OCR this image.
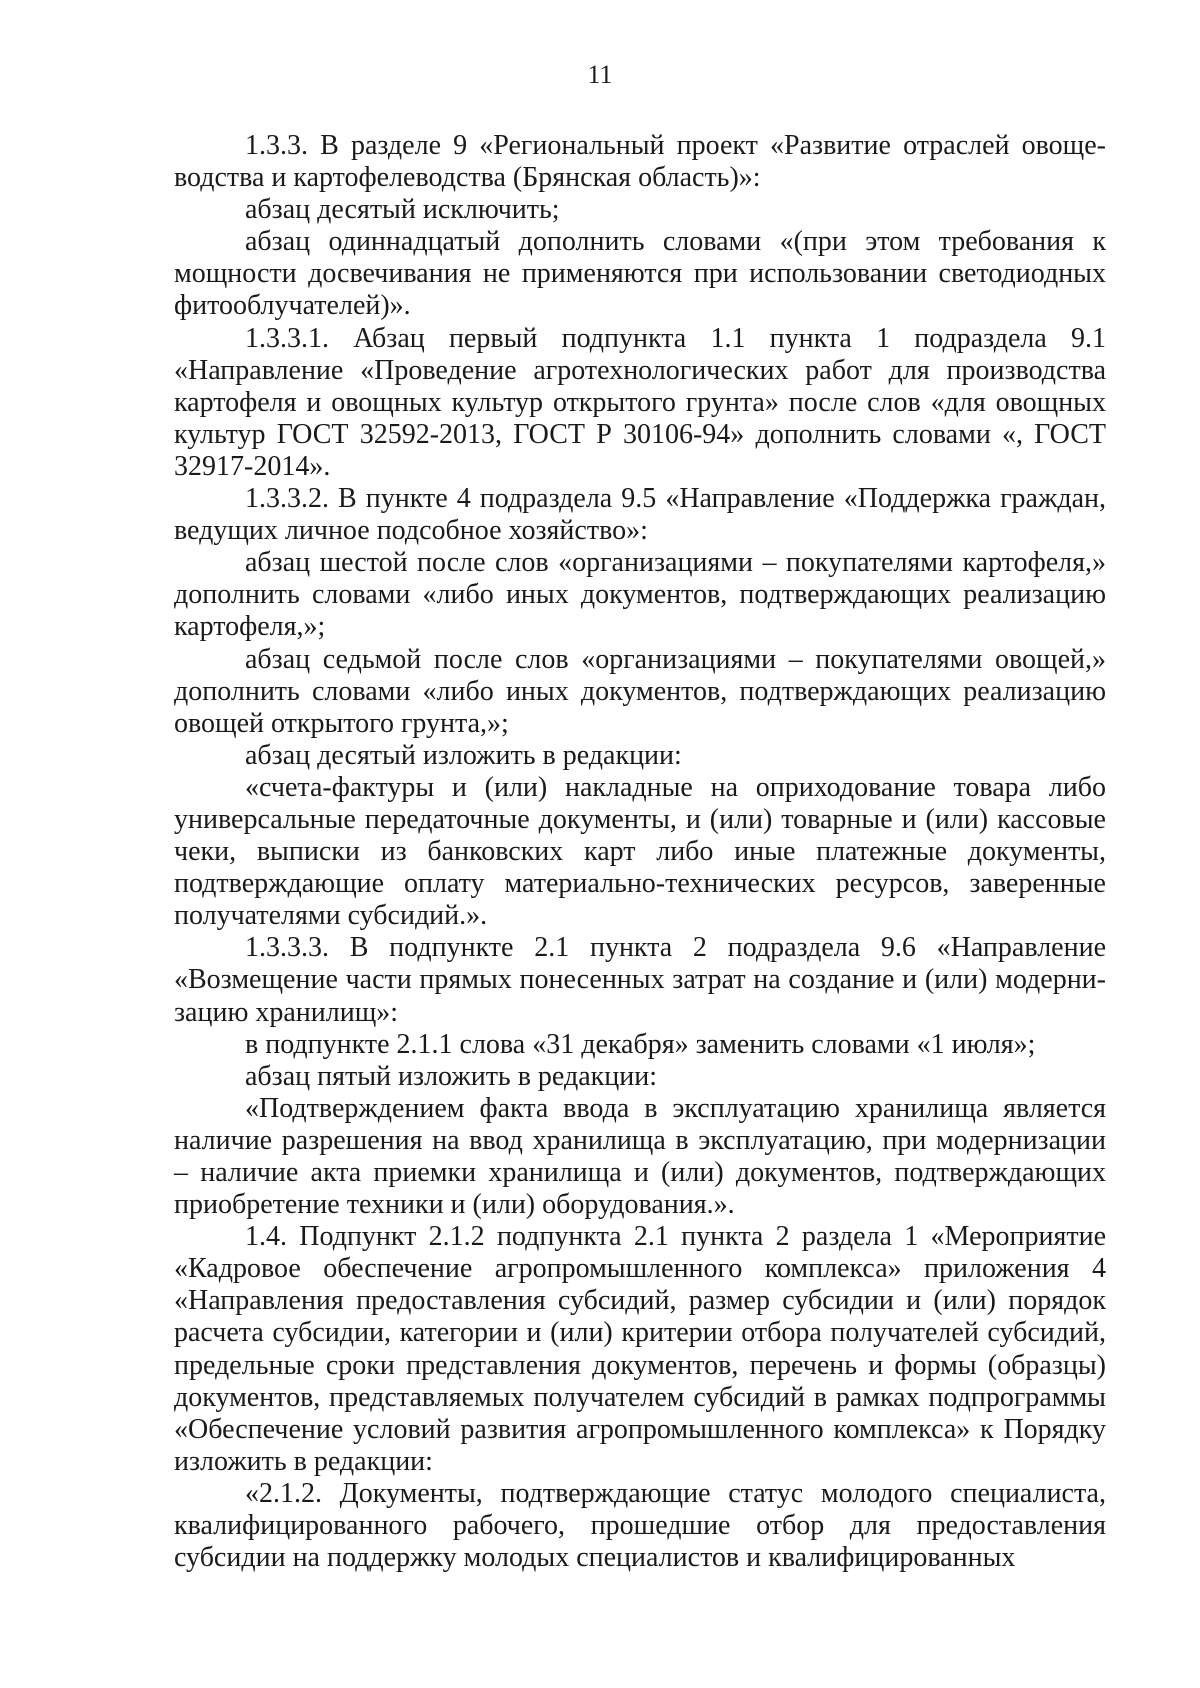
11

1.3.3. В разделе 9 «Региональный проект «Развитие отраслей овощеводства и картофелеводства (Брянская область)»:

абзац десятый исключить;

абзац одиннадцатый дополнить словами «(при этом требования к мощности досвечивания не применяются при использовании светодиодных фитооблучателей)».

1.3.3.1. Абзац первый подпункта 1.1 пункта 1 подраздела 9.1 «Направление «Проведение агротехнологических работ для производства картофеля и овощных культур открытого грунта» после слов «для овощных культур ГОСТ 32592-2013, ГОСТ Р 30106-94» дополнить словами «, ГОСТ 32917-2014».

1.3.3.2. В пункте 4 подраздела 9.5 «Направление «Поддержка граждан, ведущих личное подсобное хозяйство»:

абзац шестой после слов «организациями – покупателями картофеля,» дополнить словами «либо иных документов, подтверждающих реализацию картофеля,»;

абзац седьмой после слов «организациями – покупателями овощей,» дополнить словами «либо иных документов, подтверждающих реализацию овощей открытого грунта,»;

абзац десятый изложить в редакции:

«счета-фактуры и (или) накладные на оприходование товара либо универсальные передаточные документы, и (или) товарные и (или) кассовые чеки, выписки из банковских карт либо иные платежные документы, подтверждающие оплату материально-технических ресурсов, заверенные получателями субсидий.».

1.3.3.3. В подпункте 2.1 пункта 2 подраздела 9.6 «Направление «Возмещение части прямых понесенных затрат на создание и (или) модернизацию хранилищ»:

в подпункте 2.1.1 слова «31 декабря» заменить словами «1 июля»;

абзац пятый изложить в редакции:

«Подтверждением факта ввода в эксплуатацию хранилища является наличие разрешения на ввод хранилища в эксплуатацию, при модернизации – наличие акта приемки хранилища и (или) документов, подтверждающих приобретение техники и (или) оборудования.».

1.4. Подпункт 2.1.2 подпункта 2.1 пункта 2 раздела 1 «Мероприятие «Кадровое обеспечение агропромышленного комплекса» приложения 4 «Направления предоставления субсидий, размер субсидии и (или) порядок расчета субсидии, категории и (или) критерии отбора получателей субсидий, предельные сроки представления документов, перечень и формы (образцы) документов, представляемых получателем субсидий в рамках подпрограммы «Обеспечение условий развития агропромышленного комплекса» к Порядку изложить в редакции:

«2.1.2. Документы, подтверждающие статус молодого специалиста, квалифицированного рабочего, прошедшие отбор для предоставления субсидии на поддержку молодых специалистов и квалифицированных
